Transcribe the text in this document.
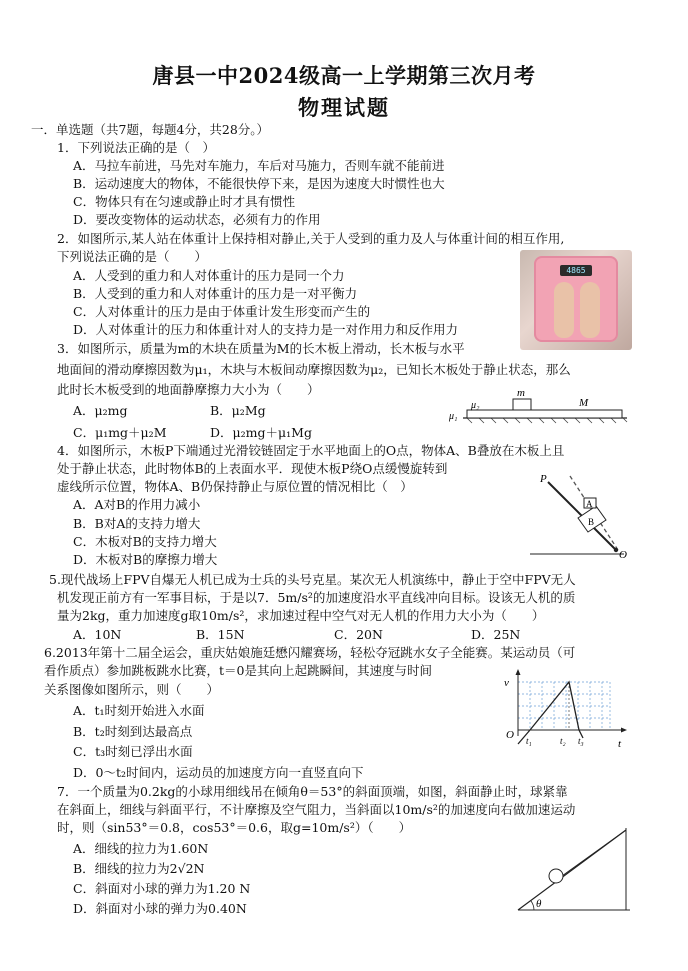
唐县一中2024级高一上学期第三次月考
物理试题
一．单选题（共7题，每题4分，共28分。）
1．下列说法正确的是（　）
A．马拉车前进，马先对车施力，车后对马施力，否则车就不能前进
B．运动速度大的物体，不能很快停下来，是因为速度大时惯性也大
C．物体只有在匀速或静止时才具有惯性
D．要改变物体的运动状态，必须有力的作用
2．如图所示,某人站在体重计上保持相对静止,关于人受到的重力及人与体重计间的相互作用,
下列说法正确的是（　　）
A．人受到的重力和人对体重计的压力是同一个力
B．人受到的重力和人对体重计的压力是一对平衡力
C．人对体重计的压力是由于体重计发生形变而产生的
D．人对体重计的压力和体重计对人的支持力是一对作用力和反作用力
4865
3．如图所示，质量为m的木块在质量为M的长木板上滑动，长木板与水平
地面间的滑动摩擦因数为μ₁，木块与木板间动摩擦因数为μ₂，已知长木板处于静止状态，那么
此时长木板受到的地面静摩擦力大小为（　　）
A．μ₂mg	B．μ₂Mg
C．μ₁mg＋μ₂M	D．μ₂mg＋μ₁Mg
m
M
μ₂
μ₁
4．如图所示，木板P下端通过光滑铰链固定于水平地面上的O点，物体A、B叠放在木板上且
处于静止状态，此时物体B的上表面水平．现使木板P绕O点缓慢旋转到
虚线所示位置，物体A、B仍保持静止与原位置的情况相比（　）
A．A对B的作用力减小
B．B对A的支持力增大
C．木板对B的支持力增大
D．木板对B的摩擦力增大
P
A
B
O
5.现代战场上FPV自爆无人机已成为士兵的头号克星。某次无人机演练中，静止于空中FPV无人
机发现正前方有一军事目标，于是以7．5m/s²的加速度沿水平直线冲向目标。设该无人机的质
量为2kg，重力加速度g取10m/s²，求加速过程中空气对无人机的作用力大小为（　　）
A．10N	B．15N	C．20N	D．25N
6.2013年第十二届全运会，重庆姑娘施廷懋闪耀赛场，轻松夺冠跳水女子全能赛。某运动员（可
看作质点）参加跳板跳水比赛，t＝0是其向上起跳瞬间，其速度与时间
关系图像如图所示，则（　　）
A．t₁时刻开始进入水面
B．t₂时刻到达最高点
C．t₃时刻已浮出水面
D．0～t₂时间内，运动员的加速度方向一直竖直向下
v
t
O t₁	t₂ t₃
7．一个质量为0.2kg的小球用细线吊在倾角θ＝53°的斜面顶端，如图，斜面静止时，球紧靠
在斜面上，细线与斜面平行，不计摩擦及空气阻力，当斜面以10m/s²的加速度向右做加速运动
时，则（sin53°＝0.8，cos53°＝0.6，取g=10m/s²）（　　）
A．细线的拉力为1.60N
B．细线的拉力为2√2N
C．斜面对小球的弹力为1.20 N
D．斜面对小球的弹力为0.40N	θ
